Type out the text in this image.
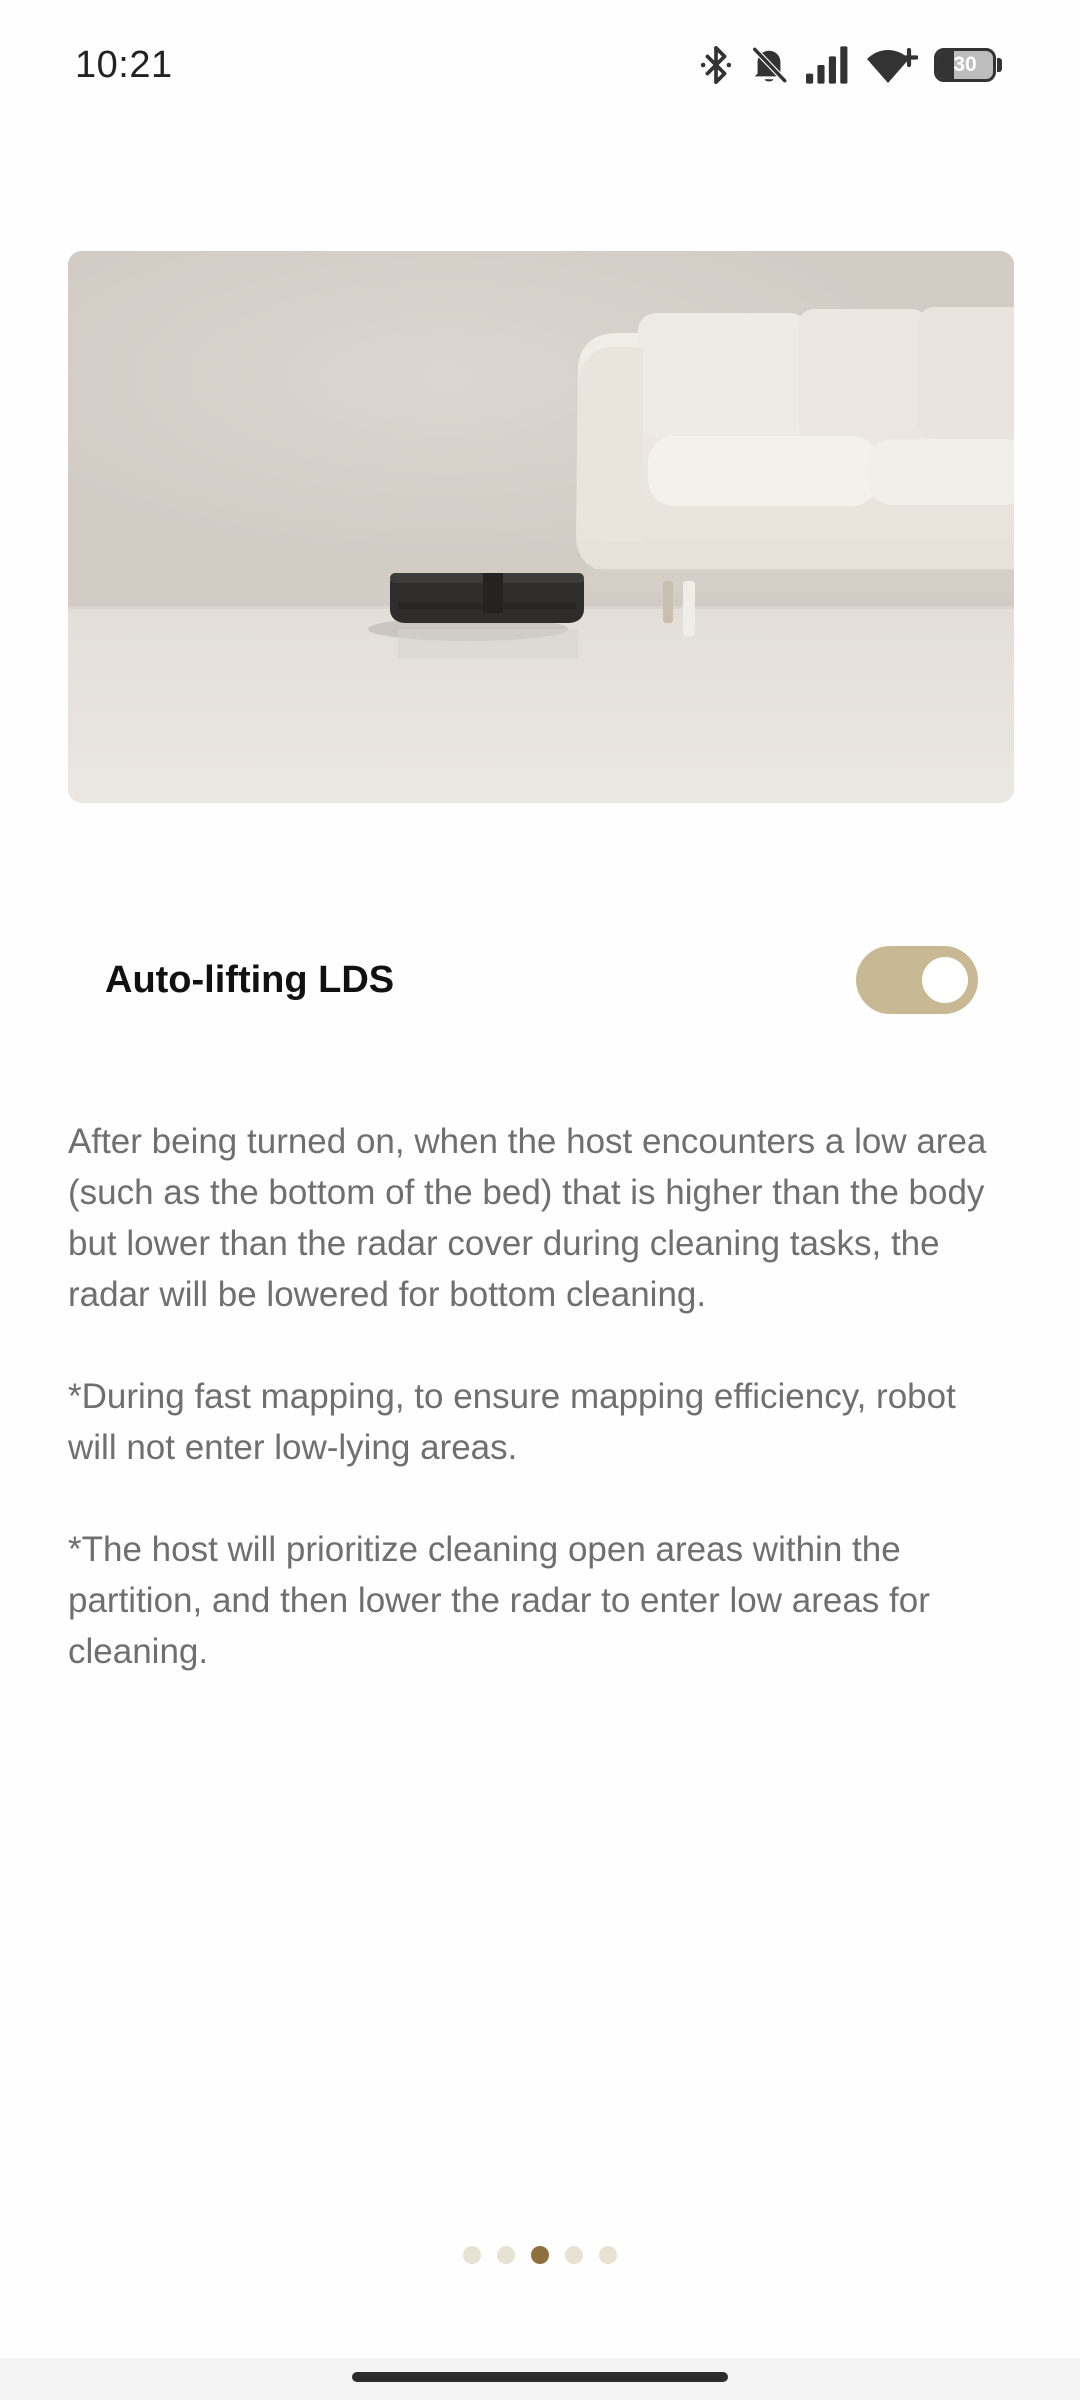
10:21	30
Auto-lifting LDS

After being turned on, when the host encounters a low area (such as the bottom of the bed) that is higher than the body but lower than the radar cover during cleaning tasks, the radar will be lowered for bottom cleaning.

*During fast mapping, to ensure mapping efficiency, robot will not enter low-lying areas.

*The host will prioritize cleaning open areas within the partition, and then lower the radar to enter low areas for cleaning.
